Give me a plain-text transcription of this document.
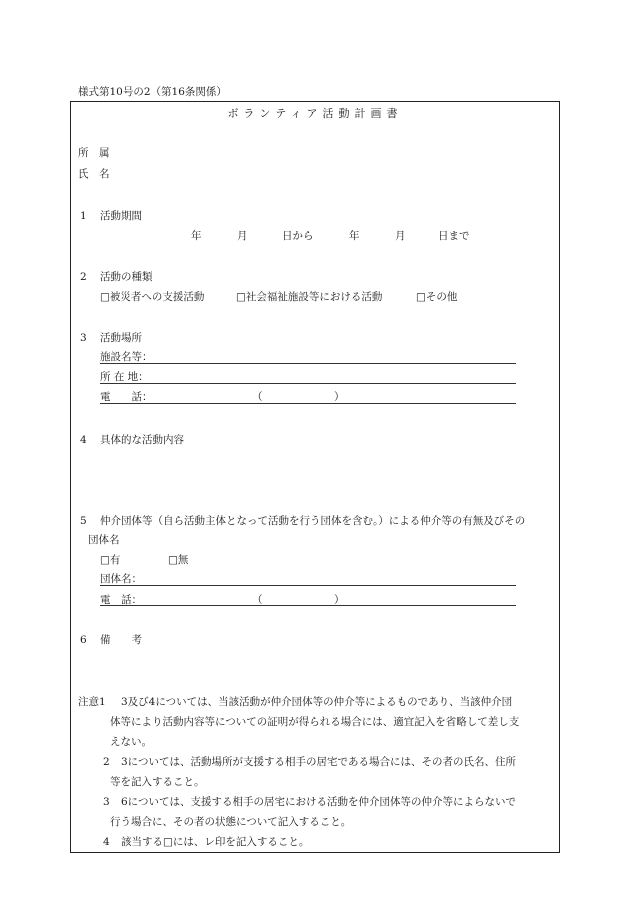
様式第10号の2（第16条関係）
ボランティア活動計画書
所　属
氏　名
1 活動期間
年	月	日から	年	月	日まで
2 活動の種類
□被災者への支援活動	□社会福祉施設等における活動	□その他
3 活動場所
施設名等：
所 在 地：
電　　話：	（	）
4 具体的な活動内容
5 仲介団体等（自ら活動主体となって活動を行う団体を含む。）による仲介等の有無及びその
団体名
□有	□無
団体名：
電　話：	（	）
6 備　　考
注意1 3及び4については、当該活動が仲介団体等の仲介等によるものであり、当該仲介団
体等により活動内容等についての証明が得られる場合には、適宜記入を省略して差し支
えない。
2 3については、活動場所が支援する相手の居宅である場合には、その者の氏名、住所
等を記入すること。
3 6については、支援する相手の居宅における活動を仲介団体等の仲介等によらないで
行う場合に、その者の状態について記入すること。
4 該当する□には、レ印を記入すること。
